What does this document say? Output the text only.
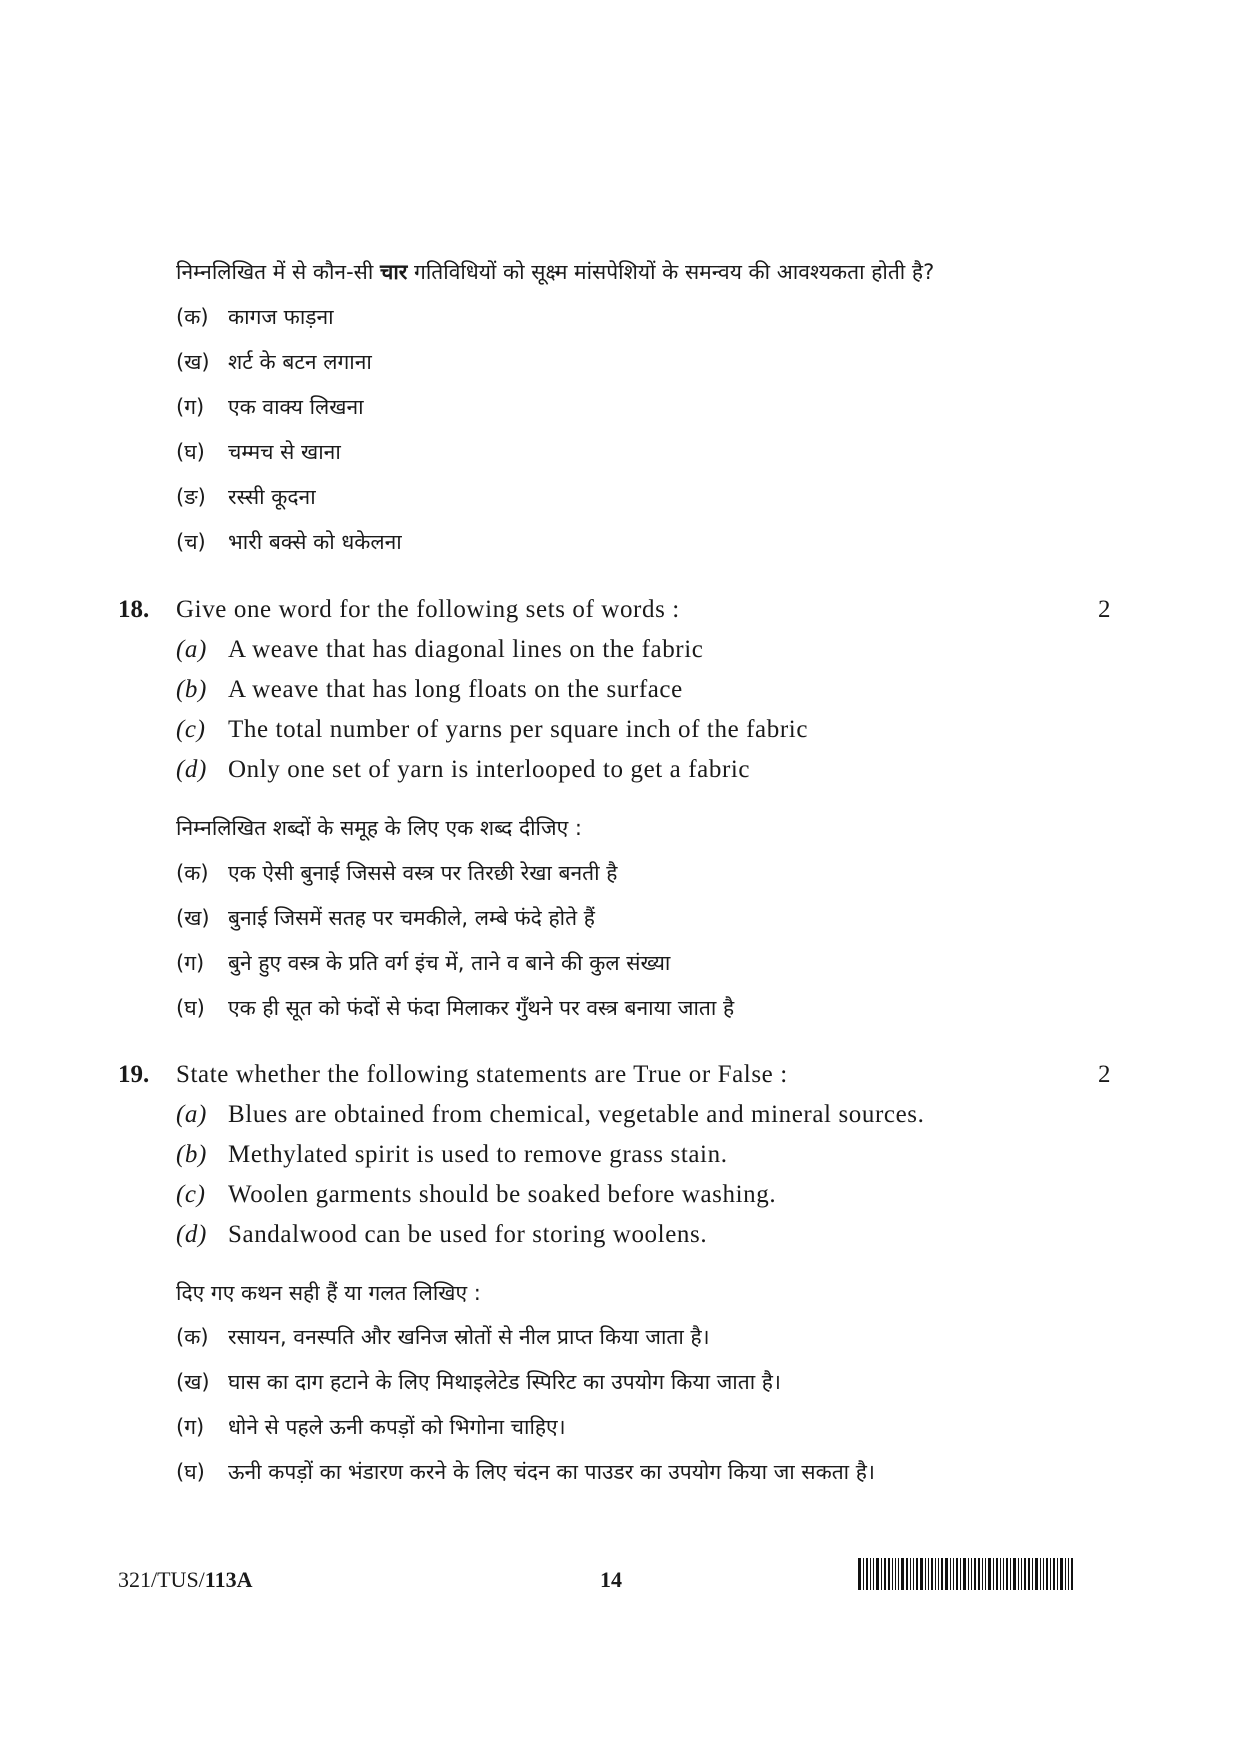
निम्नलिखित में से कौन-सी चार गतिविधियों को सूक्ष्म मांसपेशियों के समन्वय की आवश्यकता होती है?
(क) कागज फाड़ना
(ख) शर्ट के बटन लगाना
(ग) एक वाक्य लिखना
(घ) चम्मच से खाना
(ङ) रस्सी कूदना
(च) भारी बक्से को धकेलना
18. Give one word for the following sets of words :	2
(a) A weave that has diagonal lines on the fabric
(b) A weave that has long floats on the surface
(c) The total number of yarns per square inch of the fabric
(d) Only one set of yarn is interlooped to get a fabric
निम्नलिखित शब्दों के समूह के लिए एक शब्द दीजिए :
(क) एक ऐसी बुनाई जिससे वस्त्र पर तिरछी रेखा बनती है
(ख) बुनाई जिसमें सतह पर चमकीले, लम्बे फंदे होते हैं
(ग) बुने हुए वस्त्र के प्रति वर्ग इंच में, ताने व बाने की कुल संख्या
(घ) एक ही सूत को फंदों से फंदा मिलाकर गुँथने पर वस्त्र बनाया जाता है
19. State whether the following statements are True or False :	2
(a) Blues are obtained from chemical, vegetable and mineral sources.
(b) Methylated spirit is used to remove grass stain.
(c) Woolen garments should be soaked before washing.
(d) Sandalwood can be used for storing woolens.
दिए गए कथन सही हैं या गलत लिखिए :
(क) रसायन, वनस्पति और खनिज स्रोतों से नील प्राप्त किया जाता है।
(ख) घास का दाग हटाने के लिए मिथाइलेटेड स्पिरिट का उपयोग किया जाता है।
(ग) धोने से पहले ऊनी कपड़ों को भिगोना चाहिए।
(घ) ऊनी कपड़ों का भंडारण करने के लिए चंदन का पाउडर का उपयोग किया जा सकता है।
321/TUS/113A	14
